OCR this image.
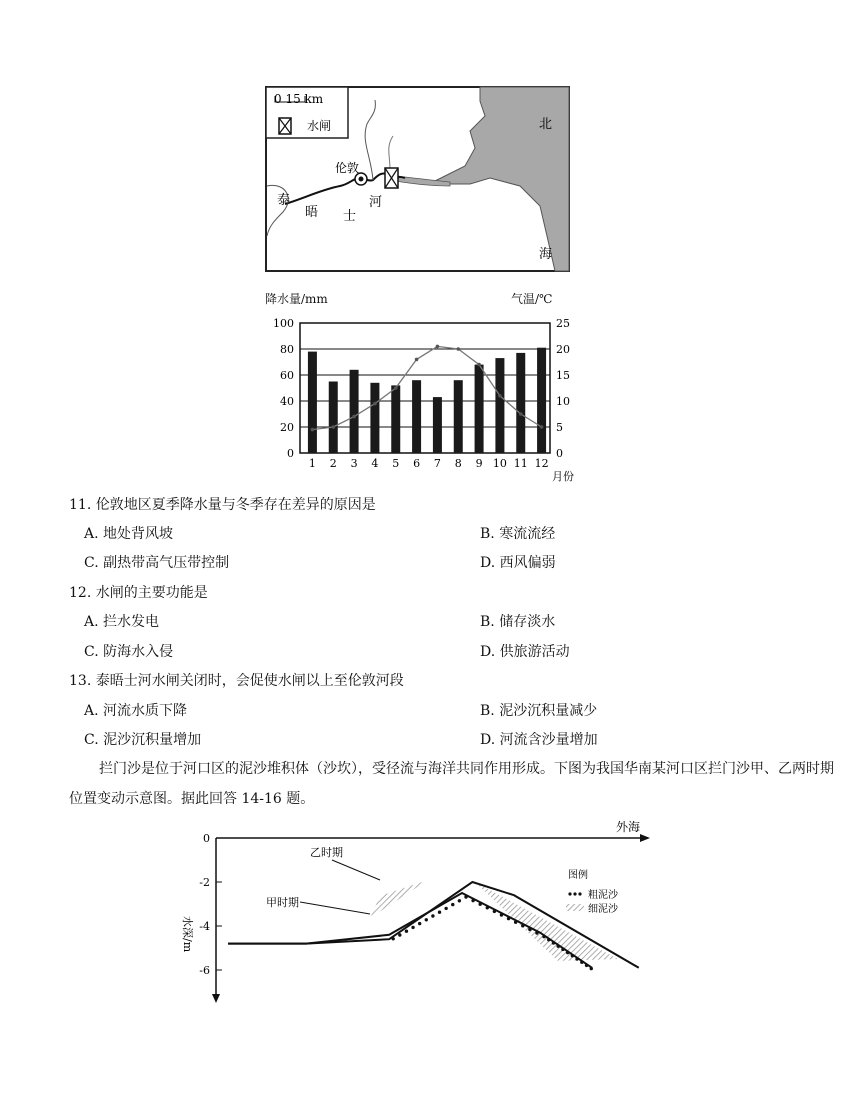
0 15 km
水闸
伦敦
泰
晤 士
河
北
海
降水量/mm	气温/℃
0
20
40
60
80
100
0
5
10
15
20
25
1 2 3 4 5 6 7 8 9 10 11 12
月份
11. 伦敦地区夏季降水量与冬季存在差异的原因是
A. 地处背风坡	B. 寒流流经
C. 副热带高气压带控制	D. 西风偏弱
12. 水闸的主要功能是
A. 拦水发电	B. 储存淡水
C. 防海水入侵	D. 供旅游活动
13. 泰晤士河水闸关闭时，会促使水闸以上至伦敦河段
A. 河流水质下降	B. 泥沙沉积量减少
C. 泥沙沉积量增加	D. 河流含沙量增加
拦门沙是位于河口区的泥沙堆积体（沙坎），受径流与海洋共同作用形成。下图为我国华南某河口区拦门沙甲、乙两时期位置变动示意图。据此回答 14-16 题。
0
-2
-4
-6
外海
水深/m
乙时期
甲时期
图例
粗泥沙
细泥沙
